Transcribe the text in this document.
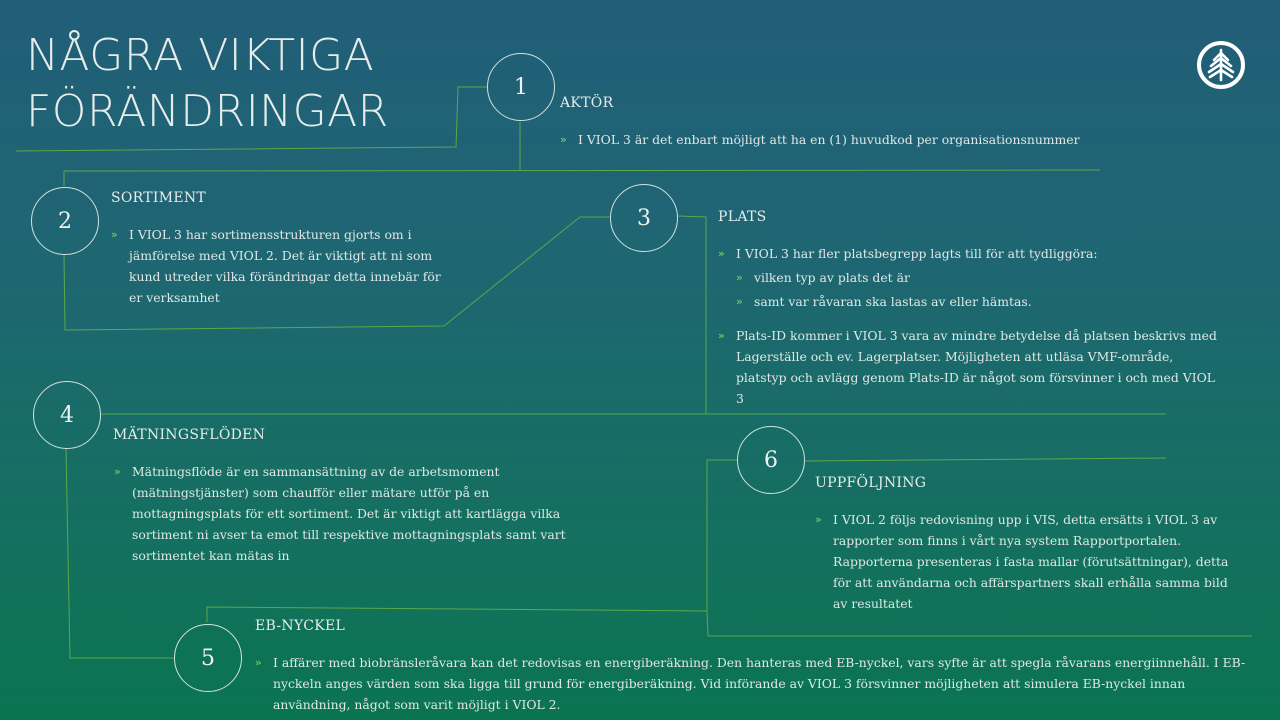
NÅGRA VIKTIGA
FÖRÄNDRINGAR	1
AKTÖR
» I VIOL 3 är det enbart möjligt att ha en (1) huvudkod per organisationsnummer
2
SORTIMENT
» I VIOL 3 har sortimensstrukturen gjorts om i jämförelse med VIOL 2. Det är viktigt att ni som kund utreder vilka förändringar detta innebär för er verksamhet
3	PLATS
» I VIOL 3 har fler platsbegrepp lagts till för att tydliggöra:
» vilken typ av plats det är
» samt var råvaran ska lastas av eller hämtas.
» Plats-ID kommer i VIOL 3 vara av mindre betydelse då platsen beskrivs med Lagerställe och ev. Lagerplatser. Möjligheten att utläsa VMF-område, platstyp och avlägg genom Plats-ID är något som försvinner i och med VIOL 3
4
MÄTNINGSFLÖDEN
» Mätningsflöde är en sammansättning av de arbetsmoment (mätningstjänster) som chaufför eller mätare utför på en mottagningsplats för ett sortiment. Det är viktigt att kartlägga vilka sortiment ni avser ta emot till respektive mottagningsplats samt vart sortimentet kan mätas in
6
UPPFÖLJNING
» I VIOL 2 följs redovisning upp i VIS, detta ersätts i VIOL 3 av rapporter som finns i vårt nya system Rapportportalen. Rapporterna presenteras i fasta mallar (förutsättningar), detta för att användarna och affärspartners skall erhålla samma bild av resultatet
5
EB-NYCKEL
» I affärer med biobränsleråvara kan det redovisas en energiberäkning. Den hanteras med EB-nyckel, vars syfte är att spegla råvarans energiinnehåll. I EB-nyckeln anges värden som ska ligga till grund för energiberäkning. Vid införande av VIOL 3 försvinner möjligheten att simulera EB-nyckel innan användning, något som varit möjligt i VIOL 2.
